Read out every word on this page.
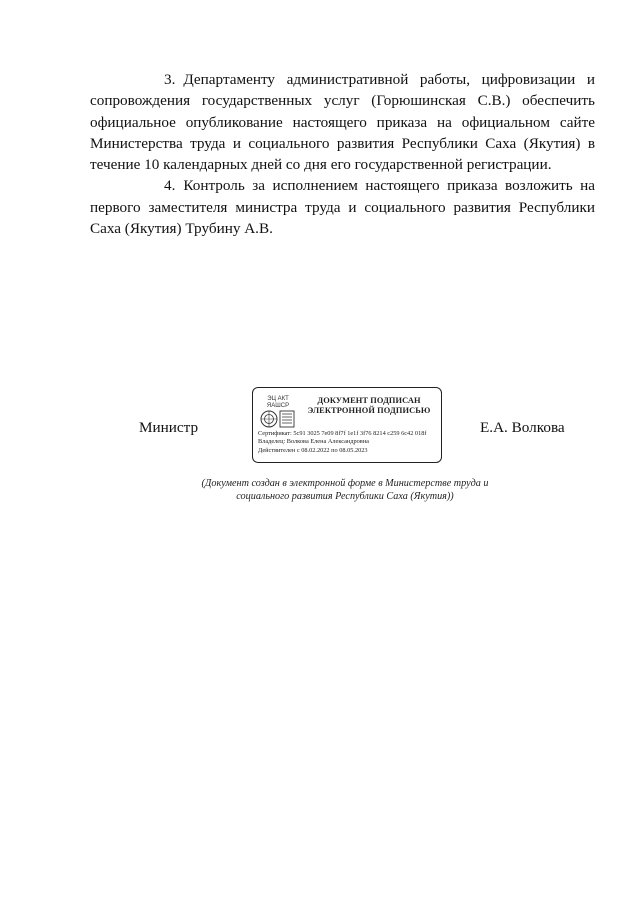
3. Департаменту административной работы, цифровизации и сопровождения государственных услуг (Горюшинская С.В.) обеспечить официальное опубликование настоящего приказа на официальном сайте Министерства труда и социального развития Республики Саха (Якутия) в течение 10 календарных дней со дня его государственной регистрации.

4. Контроль за исполнением настоящего приказа возложить на первого заместителя министра труда и социального развития Республики Саха (Якутия) Трубину А.В.

Министр
ЭЦ АКТ
ЯАШСР
ДОКУМЕНТ ПОДПИСАН
ЭЛЕКТРОННОЙ ПОДПИСЬЮ
Сертификат: 5c91 3025 7e09 8f7f 1e1f 3f76 8214 c259 6c42 018f
Владелец: Волкова Елена Александровна
Действителен с 08.02.2022 по 08.05.2023
Е.А. Волкова
(Документ создан в электронной форме в Министерстве труда и
социального развития Республики Саха (Якутия))
